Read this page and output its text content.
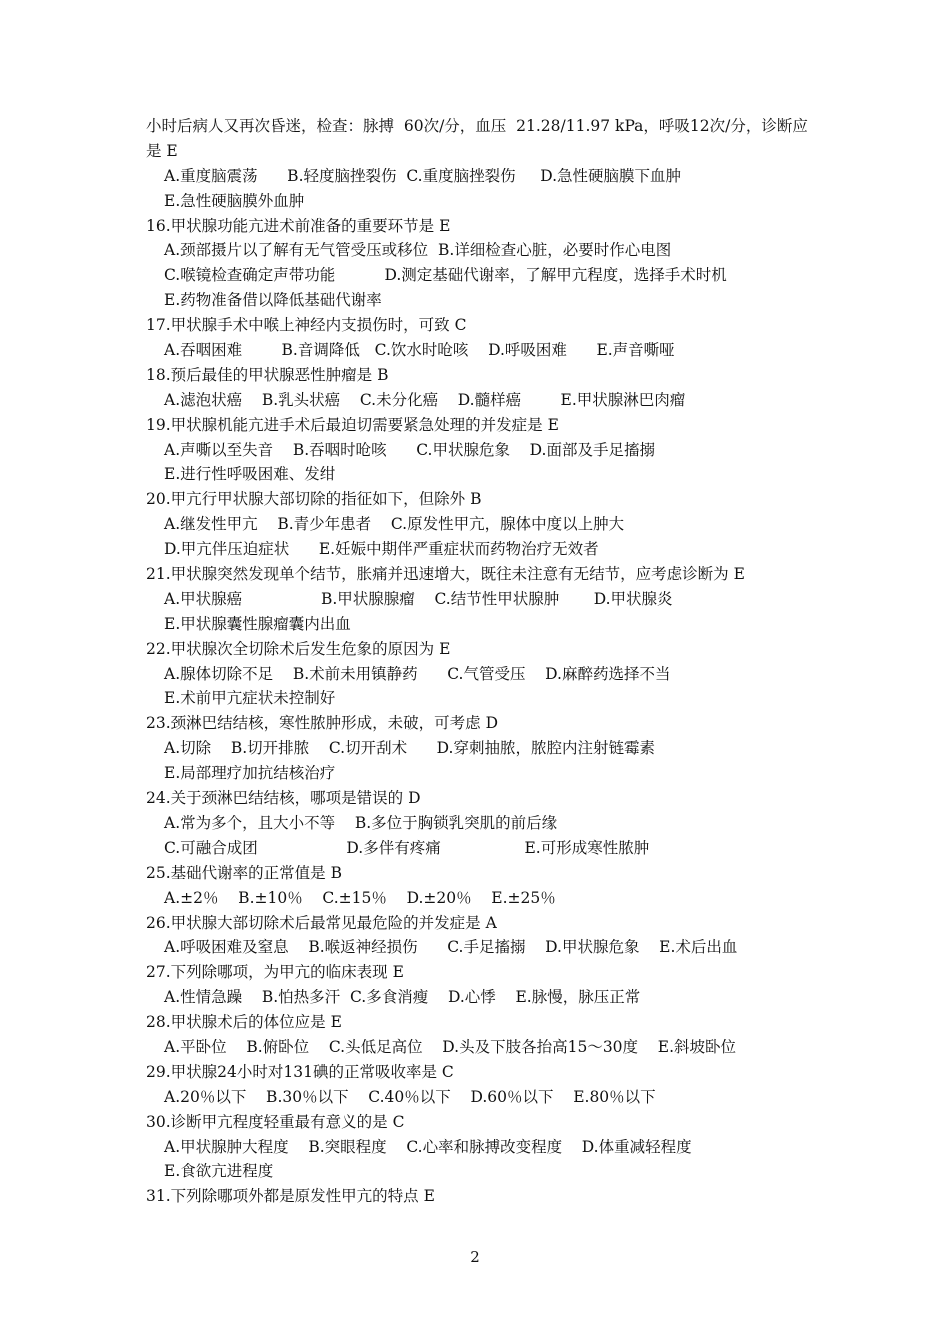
小时后病人又再次昏迷，检查：脉搏  60次/分，血压  21.28/11.97 kPa，呼吸12次/分，诊断应
是 E
A.重度脑震荡      B.轻度脑挫裂伤  C.重度脑挫裂伤     D.急性硬脑膜下血肿
E.急性硬脑膜外血肿
16.甲状腺功能亢进术前准备的重要环节是 E
A.颈部摄片以了解有无气管受压或移位  B.详细检查心脏，必要时作心电图
C.喉镜检查确定声带功能          D.测定基础代谢率，了解甲亢程度，选择手术时机
E.药物准备借以降低基础代谢率
17.甲状腺手术中喉上神经内支损伤时，可致 C
A.吞咽困难        B.音调降低   C.饮水时呛咳    D.呼吸困难      E.声音嘶哑
18.预后最佳的甲状腺恶性肿瘤是 B
A.滤泡状癌    B.乳头状癌    C.未分化癌    D.髓样癌        E.甲状腺淋巴肉瘤
19.甲状腺机能亢进手术后最迫切需要紧急处理的并发症是 E
A.声嘶以至失音    B.吞咽时呛咳      C.甲状腺危象    D.面部及手足搐搦
E.进行性呼吸困难、发绀
20.甲亢行甲状腺大部切除的指征如下，但除外 B
A.继发性甲亢    B.青少年患者    C.原发性甲亢，腺体中度以上肿大
D.甲亢伴压迫症状      E.妊娠中期伴严重症状而药物治疗无效者
21.甲状腺突然发现单个结节，胀痛并迅速增大，既往未注意有无结节，应考虑诊断为 E
A.甲状腺癌                B.甲状腺腺瘤    C.结节性甲状腺肿       D.甲状腺炎
E.甲状腺囊性腺瘤囊内出血
22.甲状腺次全切除术后发生危象的原因为 E
A.腺体切除不足    B.术前未用镇静药      C.气管受压    D.麻醉药选择不当
E.术前甲亢症状未控制好
23.颈淋巴结结核，寒性脓肿形成，未破，可考虑 D
A.切除    B.切开排脓    C.切开刮术      D.穿刺抽脓，脓腔内注射链霉素
E.局部理疗加抗结核治疗
24.关于颈淋巴结结核，哪项是错误的 D
A.常为多个，且大小不等    B.多位于胸锁乳突肌的前后缘
C.可融合成团                  D.多伴有疼痛                 E.可形成寒性脓肿
25.基础代谢率的正常值是 B
A.±2％    B.±10％    C.±15％    D.±20％    E.±25％
26.甲状腺大部切除术后最常见最危险的并发症是 A
A.呼吸困难及窒息    B.喉返神经损伤      C.手足搐搦    D.甲状腺危象    E.术后出血
27.下列除哪项，为甲亢的临床表现 E
A.性情急躁    B.怕热多汗  C.多食消瘦    D.心悸    E.脉慢，脉压正常
28.甲状腺术后的体位应是 E
A.平卧位    B.俯卧位    C.头低足高位    D.头及下肢各抬高15～30度    E.斜坡卧位
29.甲状腺24小时对131碘的正常吸收率是 C
A.20％以下    B.30％以下    C.40％以下    D.60％以下    E.80％以下
30.诊断甲亢程度轻重最有意义的是 C
A.甲状腺肿大程度    B.突眼程度    C.心率和脉搏改变程度    D.体重减轻程度
E.食欲亢进程度
31.下列除哪项外都是原发性甲亢的特点 E
2
